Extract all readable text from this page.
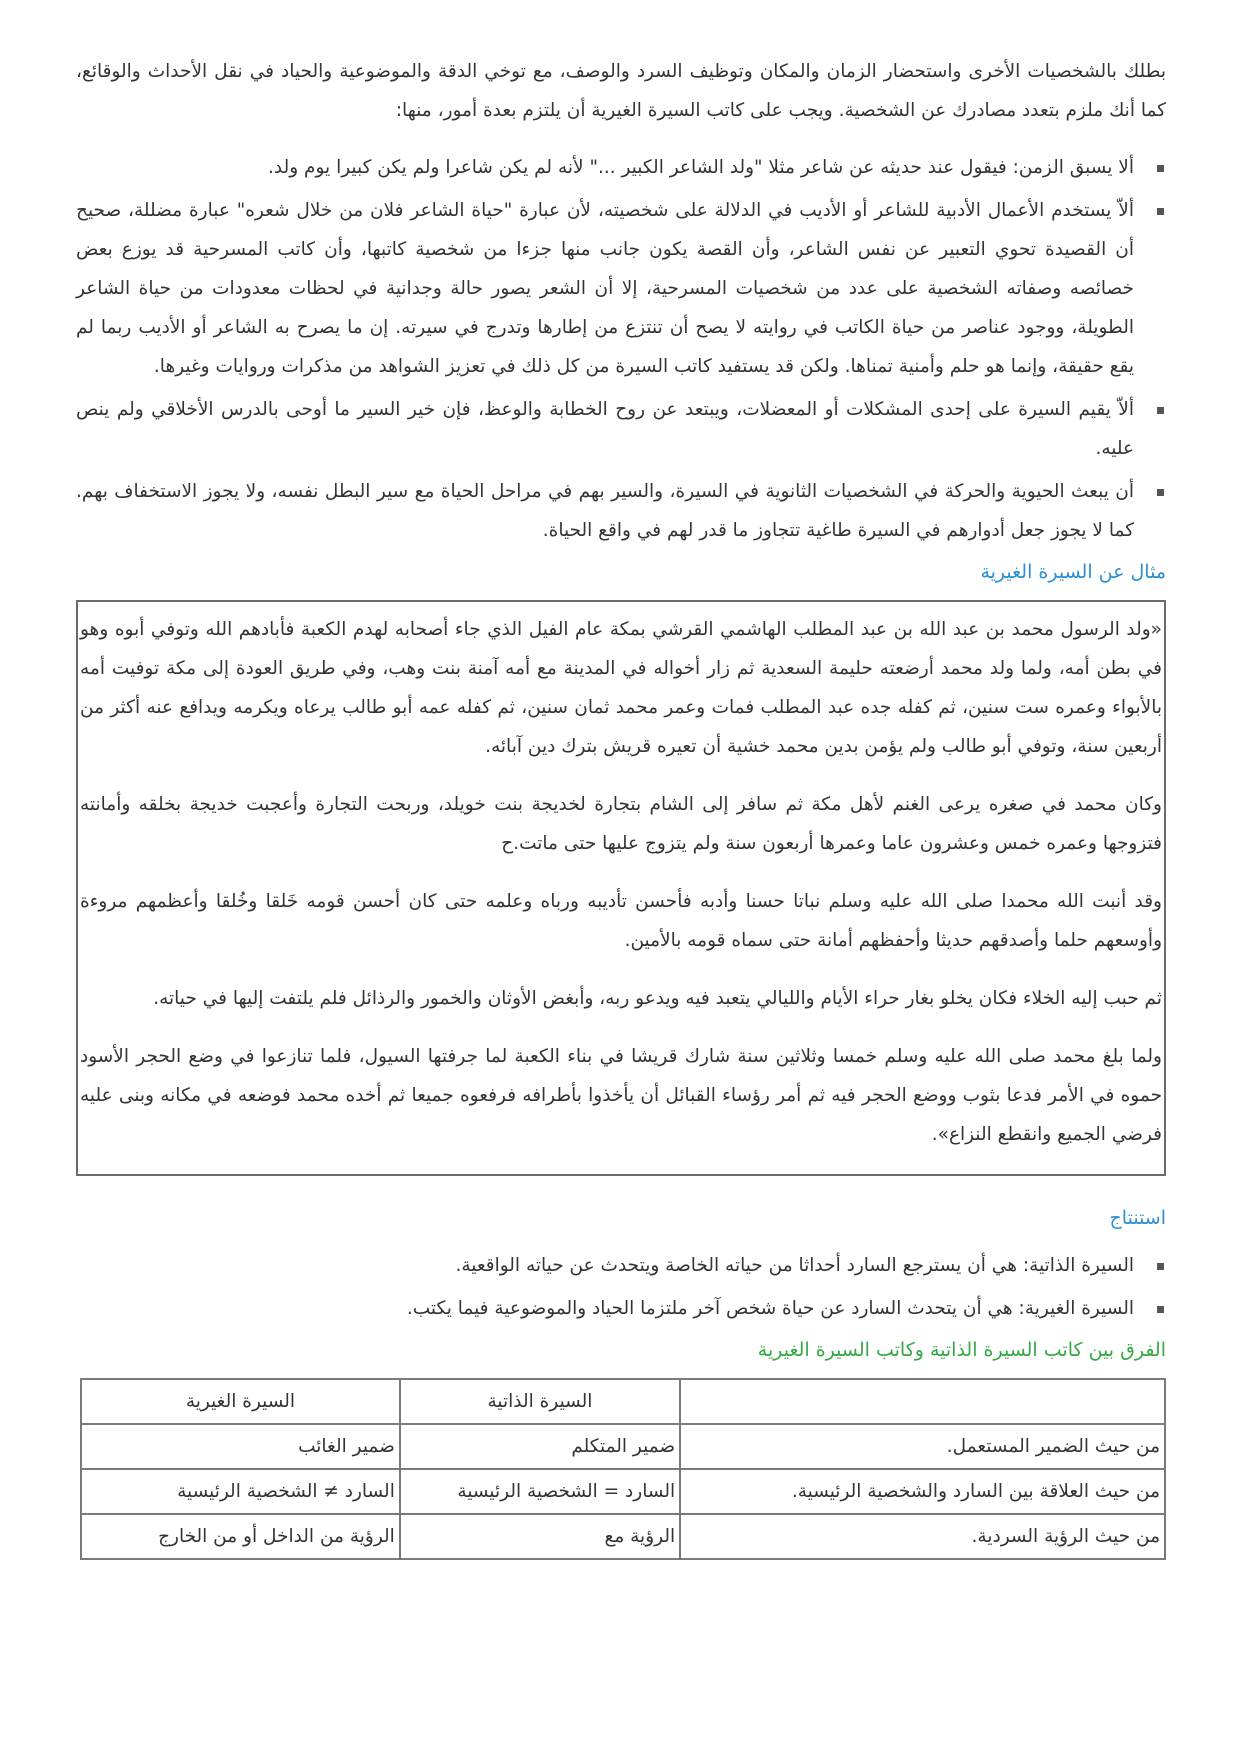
بطلك بالشخصيات الأخرى واستحضار الزمان والمكان وتوظيف السرد والوصف، مع توخي الدقة والموضوعية والحياد في نقل الأحداث والوقائع، كما أنك ملزم بتعدد مصادرك عن الشخصية. ويجب على كاتب السيرة الغيرية أن يلتزم بعدة أمور، منها:

ألا يسبق الزمن: فيقول عند حديثه عن شاعر مثلا "ولد الشاعر الكبير ..." لأنه لم يكن شاعرا ولم يكن كبيرا يوم ولد.
ألاّ يستخدم الأعمال الأدبية للشاعر أو الأديب في الدلالة على شخصيته، لأن عبارة "حياة الشاعر فلان من خلال شعره" عبارة مضللة، صحيح أن القصيدة تحوي التعبير عن نفس الشاعر، وأن القصة يكون جانب منها جزءا من شخصية كاتبها، وأن كاتب المسرحية قد يوزع بعض خصائصه وصفاته الشخصية على عدد من شخصيات المسرحية، إلا أن الشعر يصور حالة وجدانية في لحظات معدودات من حياة الشاعر الطويلة، ووجود عناصر من حياة الكاتب في روايته لا يصح أن تنتزع من إطارها وتدرج في سيرته. إن ما يصرح به الشاعر أو الأديب ربما لم يقع حقيقة، وإنما هو حلم وأمنية تمناها. ولكن قد يستفيد كاتب السيرة من كل ذلك في تعزيز الشواهد من مذكرات وروايات وغيرها.
ألاّ يقيم السيرة على إحدى المشكلات أو المعضلات، ويبتعد عن روح الخطابة والوعظ، فإن خير السير ما أوحى بالدرس الأخلاقي ولم ينص عليه.
أن يبعث الحيوية والحركة في الشخصيات الثانوية في السيرة، والسير بهم في مراحل الحياة مع سير البطل نفسه، ولا يجوز الاستخفاف بهم. كما لا يجوز جعل أدوارهم في السيرة طاغية تتجاوز ما قدر لهم في واقع الحياة.
مثال عن السيرة الغيرية

«ولد الرسول محمد بن عبد الله بن عبد المطلب الهاشمي القرشي بمكة عام الفيل الذي جاء أصحابه لهدم الكعبة فأبادهم الله وتوفي أبوه وهو في بطن أمه، ولما ولد محمد أرضعته حليمة السعدية ثم زار أخواله في المدينة مع أمه آمنة بنت وهب، وفي طريق العودة إلى مكة توفيت أمه بالأبواء وعمره ست سنين، ثم كفله جده عبد المطلب فمات وعمر محمد ثمان سنين، ثم كفله عمه أبو طالب يرعاه ويكرمه ويدافع عنه أكثر من أربعين سنة، وتوفي أبو طالب ولم يؤمن بدين محمد خشية أن تعيره قريش بترك دين آبائه.

وكان محمد في صغره يرعى الغنم لأهل مكة ثم سافر إلى الشام بتجارة لخديجة بنت خويلد، وربحت التجارة وأعجبت خديجة بخلقه وأمانته فتزوجها وعمره خمس وعشرون عاما وعمرها أربعون سنة ولم يتزوج عليها حتى ماتت.ح

وقد أنبت الله محمدا صلى الله عليه وسلم نباتا حسنا وأدبه فأحسن تأديبه ورباه وعلمه حتى كان أحسن قومه خَلقا وخُلقا وأعظمهم مروءة وأوسعهم حلما وأصدقهم حديثا وأحفظهم أمانة حتى سماه قومه بالأمين.

ثم حبب إليه الخلاء فكان يخلو بغار حراء الأيام والليالي يتعبد فيه ويدعو ربه، وأبغض الأوثان والخمور والرذائل فلم يلتفت إليها في حياته.

ولما بلغ محمد صلى الله عليه وسلم خمسا وثلاثين سنة شارك قريشا في بناء الكعبة لما جرفتها السيول، فلما تنازعوا في وضع الحجر الأسود حموه في الأمر فدعا بثوب ووضع الحجر فيه ثم أمر رؤساء القبائل أن يأخذوا بأطرافه فرفعوه جميعا ثم أخده محمد فوضعه في مكانه وبنى عليه فرضي الجميع وانقطع النزاع».

استنتاج
السيرة الذاتية: هي أن يسترجع السارد أحداثا من حياته الخاصة ويتحدث عن حياته الواقعية.
السيرة الغيرية: هي أن يتحدث السارد عن حياة شخص آخر ملتزما الحياد والموضوعية فيما يكتب.
الفرق بين كاتب السيرة الذاتية وكاتب السيرة الغيرية
	السيرة الذاتية	السيرة الغيرية
من حيث الضمير المستعمل.	ضمير المتكلم	ضمير الغائب
من حيث العلاقة بين السارد والشخصية الرئيسية.	السارد = الشخصية الرئيسية	السارد ≠ الشخصية الرئيسية
من حيث الرؤية السردية.	الرؤية مع	الرؤية من الداخل أو من الخارج
